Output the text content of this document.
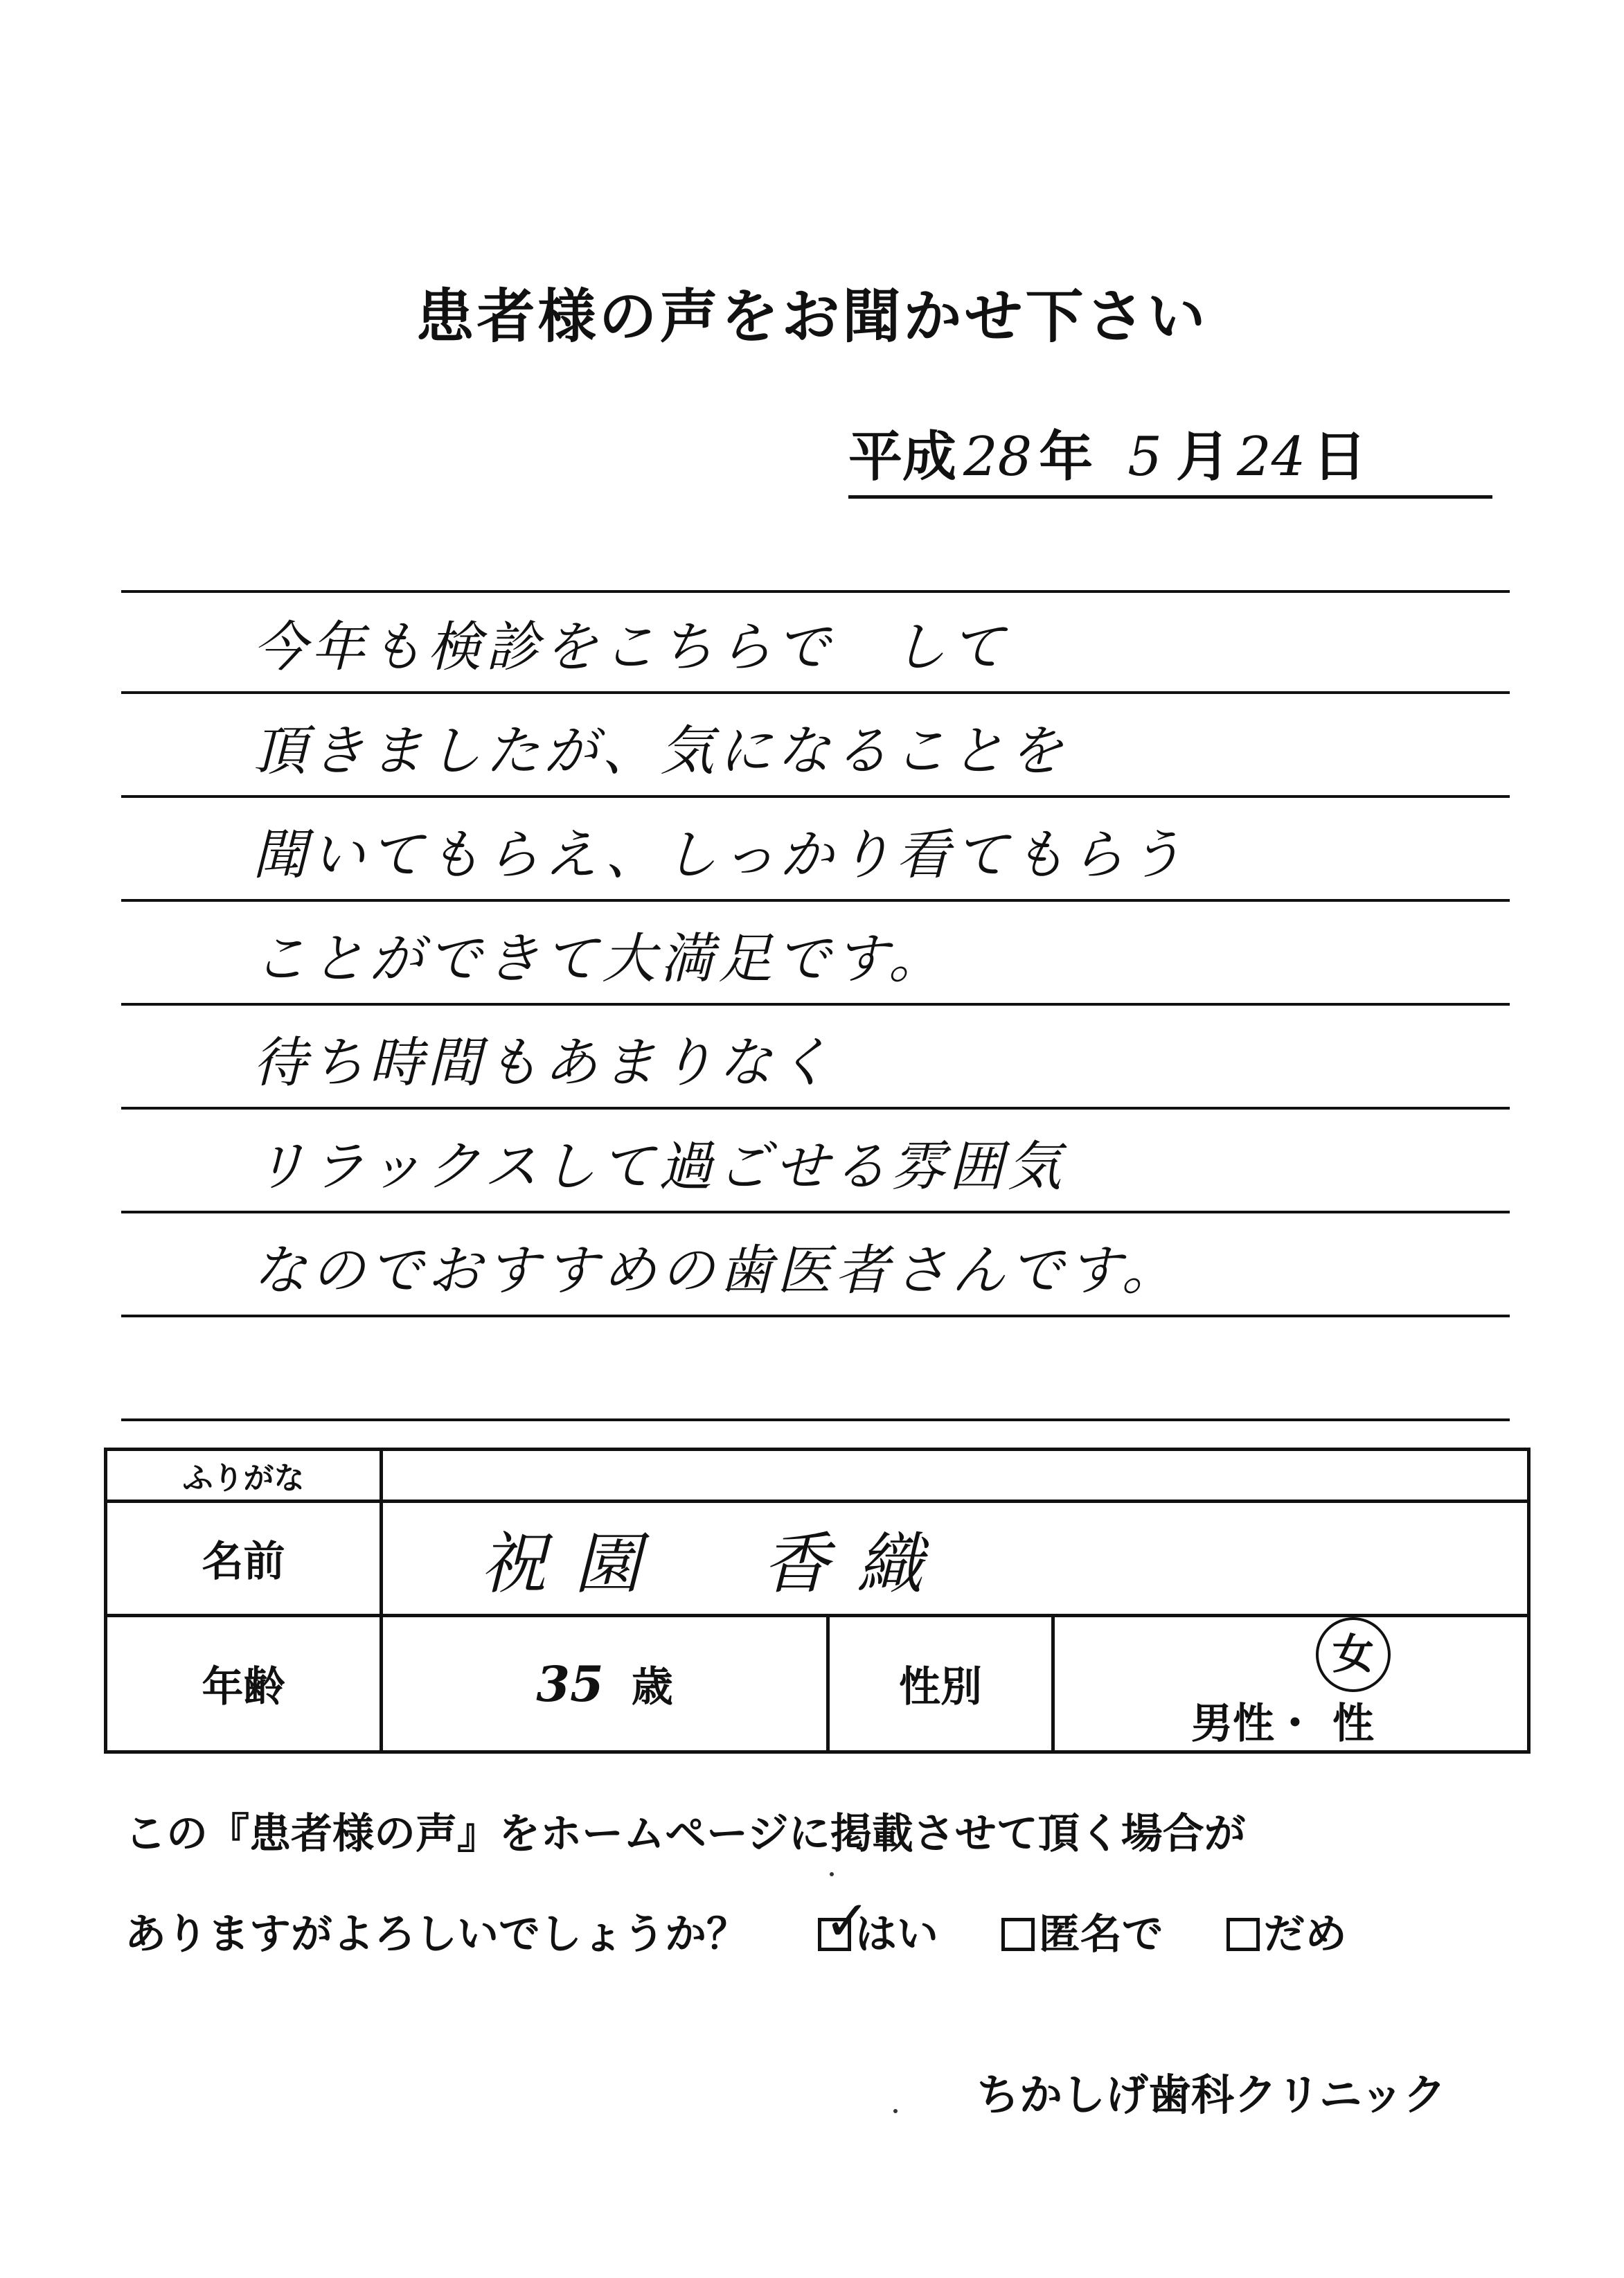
患者様の声をお聞かせ下さい
平成 28 年 5 月 24 日
今年も検診をこちらで　して
頂きましたが、気になることを
聞いてもらえ、しっかり看てもらう
ことができて大満足です。
待ち時間もあまりなく
リラックスして過ごせる雰囲気
なのでおすすめの歯医者さんです。
ふりがな			
名前	祝園　香織		
年齢	35 歳	性別	男性・女性
この『患者様の声』をホームページに掲載させて頂く場合が
ありますがよろしいでしょうか？ ✓
はい 匿名で だめ
ちかしげ歯科クリニック
